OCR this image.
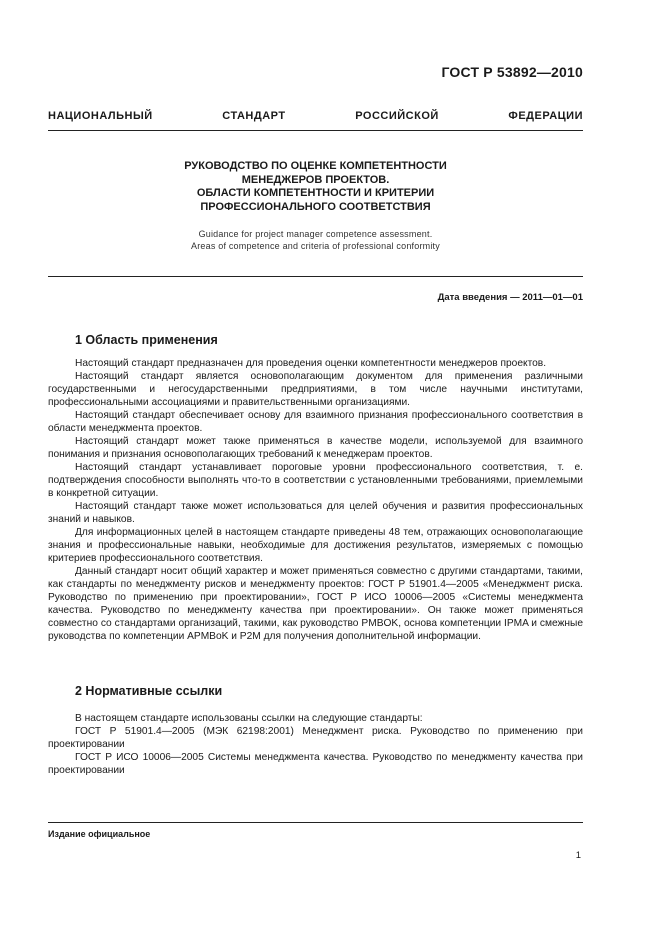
ГОСТ Р 53892—2010
НАЦИОНАЛЬНЫЙ СТАНДАРТ РОССИЙСКОЙ ФЕДЕРАЦИИ
РУКОВОДСТВО ПО ОЦЕНКЕ КОМПЕТЕНТНОСТИ
МЕНЕДЖЕРОВ ПРОЕКТОВ.
ОБЛАСТИ КОМПЕТЕНТНОСТИ И КРИТЕРИИ
ПРОФЕССИОНАЛЬНОГО СООТВЕТСТВИЯ
Guidance for project manager competence assessment.
Areas of competence and criteria of professional conformity
Дата введения — 2011—01—01
1 Область применения

Настоящий стандарт предназначен для проведения оценки компетентности менеджеров проектов.

Настоящий стандарт является основополагающим документом для применения различными государственными и негосударственными предприятиями, в том числе научными институтами, профессиональными ассоциациями и правительственными организациями.

Настоящий стандарт обеспечивает основу для взаимного признания профессионального соответствия в области менеджмента проектов.

Настоящий стандарт может также применяться в качестве модели, используемой для взаимного понимания и признания основополагающих требований к менеджерам проектов.

Настоящий стандарт устанавливает пороговые уровни профессионального соответствия, т. е. подтверждения способности выполнять что-то в соответствии с установленными требованиями, приемлемыми в конкретной ситуации.

Настоящий стандарт также может использоваться для целей обучения и развития профессиональных знаний и навыков.

Для информационных целей в настоящем стандарте приведены 48 тем, отражающих основополагающие знания и профессиональные навыки, необходимые для достижения результатов, измеряемых с помощью критериев профессионального соответствия.

Данный стандарт носит общий характер и может применяться совместно с другими стандартами, такими, как стандарты по менеджменту рисков и менеджменту проектов: ГОСТ Р 51901.4—2005 «Менеджмент риска. Руководство по применению при проектировании», ГОСТ Р ИСО 10006—2005 «Системы менеджмента качества. Руководство по менеджменту качества при проектировании». Он также может применяться совместно со стандартами организаций, такими, как руководство PMBOK, основа компетенции IPMA и смежные руководства по компетенции APMBoK и P2M для получения дополнительной информации.

2 Нормативные ссылки

В настоящем стандарте использованы ссылки на следующие стандарты:

ГОСТ Р 51901.4—2005 (МЭК 62198:2001) Менеджмент риска. Руководство по применению при проектировании

ГОСТ Р ИСО 10006—2005 Системы менеджмента качества. Руководство по менеджменту качества при проектировании

Издание официальное
1
